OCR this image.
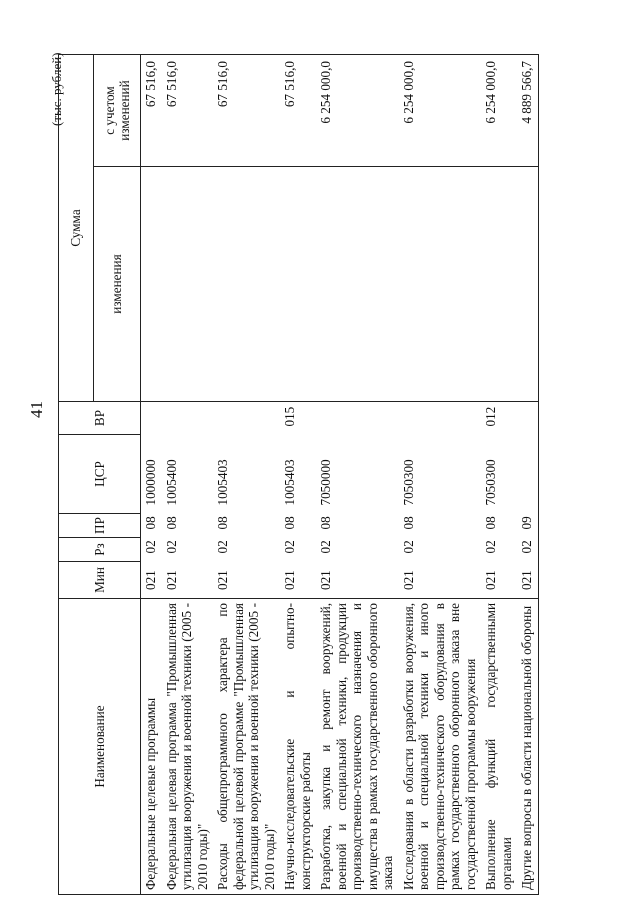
41
(тыс. рублей)
Наименование	Мин	Рз	ПР	ЦСР	ВР	Сумма	
						изменения	с учетом изменений
Федеральные целевые программы	021	02	08	1000000			67 516,0
Федеральная целевая программа "Промышленная утилизация вооружения и военной техники (2005 - 2010 годы)"	021	02	08	1005400			67 516,0
Расходы общепрограммного характера по федеральной целевой программе "Промышленная утилизация вооружения и военной техники (2005 - 2010 годы)"	021	02	08	1005403			67 516,0
Научно-исследовательские и опытно-конструкторские работы	021	02	08	1005403	015		67 516,0
Разработка, закупка и ремонт вооружений, военной и специальной техники, продукции производственно-технического назначения и имущества в рамках государственного оборонного заказа	021	02	08	7050000			6 254 000,0
Исследования в области разработки вооружения, военной и специальной техники и иного производственно-технического оборудования в рамках государственного оборонного заказа вне государственной программы вооружения	021	02	08	7050300			6 254 000,0
Выполнение функций государственными органами	021	02	08	7050300	012		6 254 000,0
Другие вопросы в области национальной обороны	021	02	09				4 889 566,7
